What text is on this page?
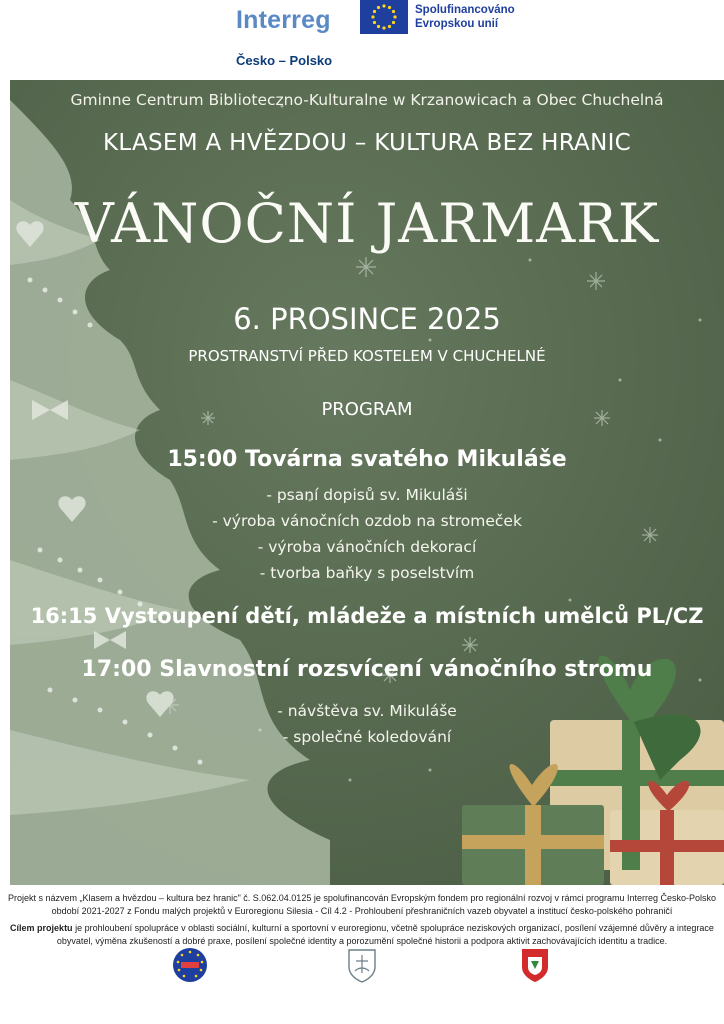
Interreg
Česko – Polsko
Spolufinancováno
Evropskou unií
Gminne Centrum Biblioteczno-Kulturalne w Krzanowicach a Obec Chuchelná
KLASEM A HVĚZDOU – KULTURA BEZ HRANIC
VÁNOČNÍ JARMARK
6. PROSINCE 2025
PROSTRANSTVÍ PŘED KOSTELEM V CHUCHELNÉ
PROGRAM
15:00 Továrna svatého Mikuláše
- psaní dopisů sv. Mikuláši
- výroba vánočních ozdob na stromeček
- výroba vánočních dekorací
- tvorba baňky s poselstvím
16:15 Vystoupení dětí, mládeže a místních umělců PL/CZ
17:00 Slavnostní rozsvícení vánočního stromu
- návštěva sv. Mikuláše
- společné koledování
Projekt s názvem „Klasem a hvězdou – kultura bez hranic" č. S.062.04.0125 je spolufinancován Evropským fondem pro regionální rozvoj v rámci programu Interreg Česko-Polsko období 2021-2027 z Fondu malých projektů v Euroregionu Silesia - Cíl 4.2 - Prohloubení přeshraničních vazeb obyvatel a institucí česko-polského pohraničí
Cílem projektu je prohloubení spolupráce v oblasti sociální, kulturní a sportovní v euroregionu, včetně spolupráce neziskových organizací, posílení vzájemné důvěry a integrace obyvatel, výměna zkušeností a dobré praxe, posílení společné identity a porozumění společné historii a podpora aktivit zachovávajících identitu a tradice.
